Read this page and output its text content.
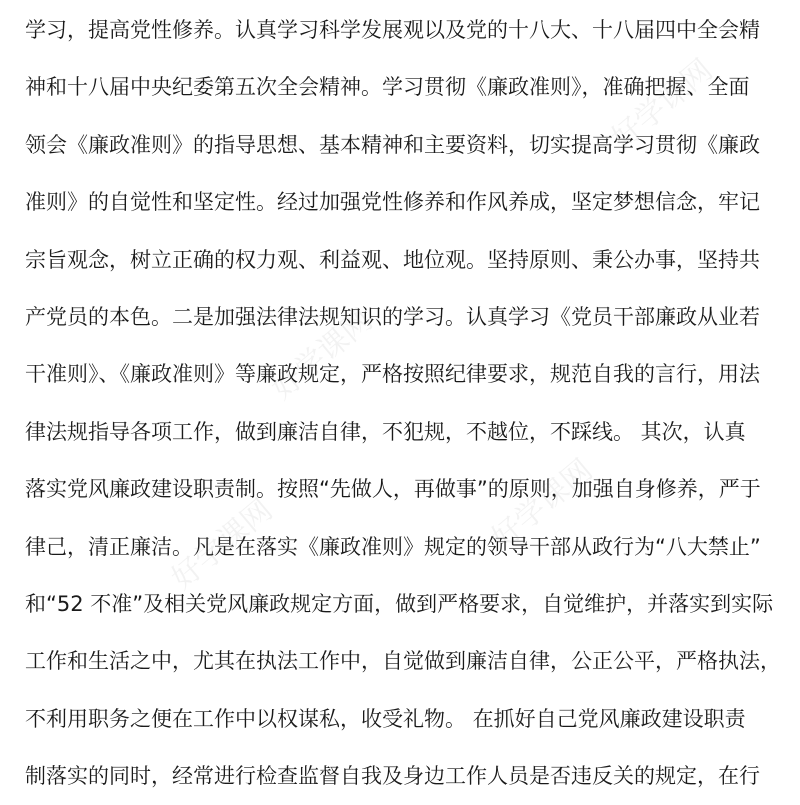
学习，提高党性修养。认真学习科学发展观以及党的十八大、十八届四中全会精
神和十八届中央纪委第五次全会精神。学习贯彻《廉政准则》，准确把握、全面
领会《廉政准则》的指导思想、基本精神和主要资料，切实提高学习贯彻《廉政
准则》的自觉性和坚定性。经过加强党性修养和作风养成，坚定梦想信念，牢记
宗旨观念，树立正确的权力观、利益观、地位观。坚持原则、秉公办事，坚持共
产党员的本色。二是加强法律法规知识的学习。认真学习《党员干部廉政从业若
干准则》、《廉政准则》等廉政规定，严格按照纪律要求，规范自我的言行，用法
律法规指导各项工作，做到廉洁自律，不犯规，不越位，不踩线。 其次，认真
落实党风廉政建设职责制。按照“先做人，再做事”的原则，加强自身修养，严于
律己，清正廉洁。凡是在落实《廉政准则》规定的领导干部从政行为“八大禁止”
和“52 不准”及相关党风廉政规定方面，做到严格要求，自觉维护，并落实到实际
工作和生活之中，尤其在执法工作中，自觉做到廉洁自律，公正公平，严格执法，
不利用职务之便在工作中以权谋私，收受礼物。 在抓好自己党风廉政建设职责
制落实的同时，经常进行检查监督自我及身边工作人员是否违反关的规定，在行
好学课网
好学课网
好学课网	好学课网
